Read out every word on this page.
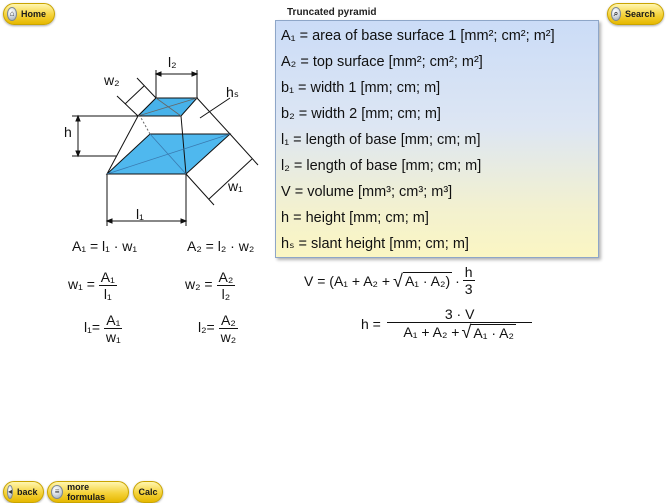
⌂ Home	⌕ Search
Truncated pyramid
A₁ = area of base surface 1 [mm²; cm²; m²]
A₂ = top surface [mm²; cm²; m²]
b₁ = width 1 [mm; cm; m]
b₂ = width 2 [mm; cm; m]
l₁ = length of base [mm; cm; m]
l₂ = length of base [mm; cm; m]
V = volume [mm³; cm³; m³]
h = height [mm; cm; m]
hₛ = slant height [mm; cm; m]
l₂
w₂
hₛ
h
w₁
l₁
A₁ = l₁ · w₁	A₂ = l₂ · w₂
$w_1 = \frac{\text{A₁}}{\text{l₁}}$	$w_2 = \frac{\text{A₂}}{\text{l₂}}$
$l_1= \frac{\text{A₁}}{\text{w₁}}$	$l_2= \frac{\text{A₂}}{\text{w₂}}$
V = (A₁ + A₂ + √ $A_1 \cdot A_2) \cdot \frac{h}{3}$
$h = \frac{3 \cdot V}{\text{A₁ + A₂ + √ A₁ · A₂}}$
◂ back	≡ more formulas	Calc
